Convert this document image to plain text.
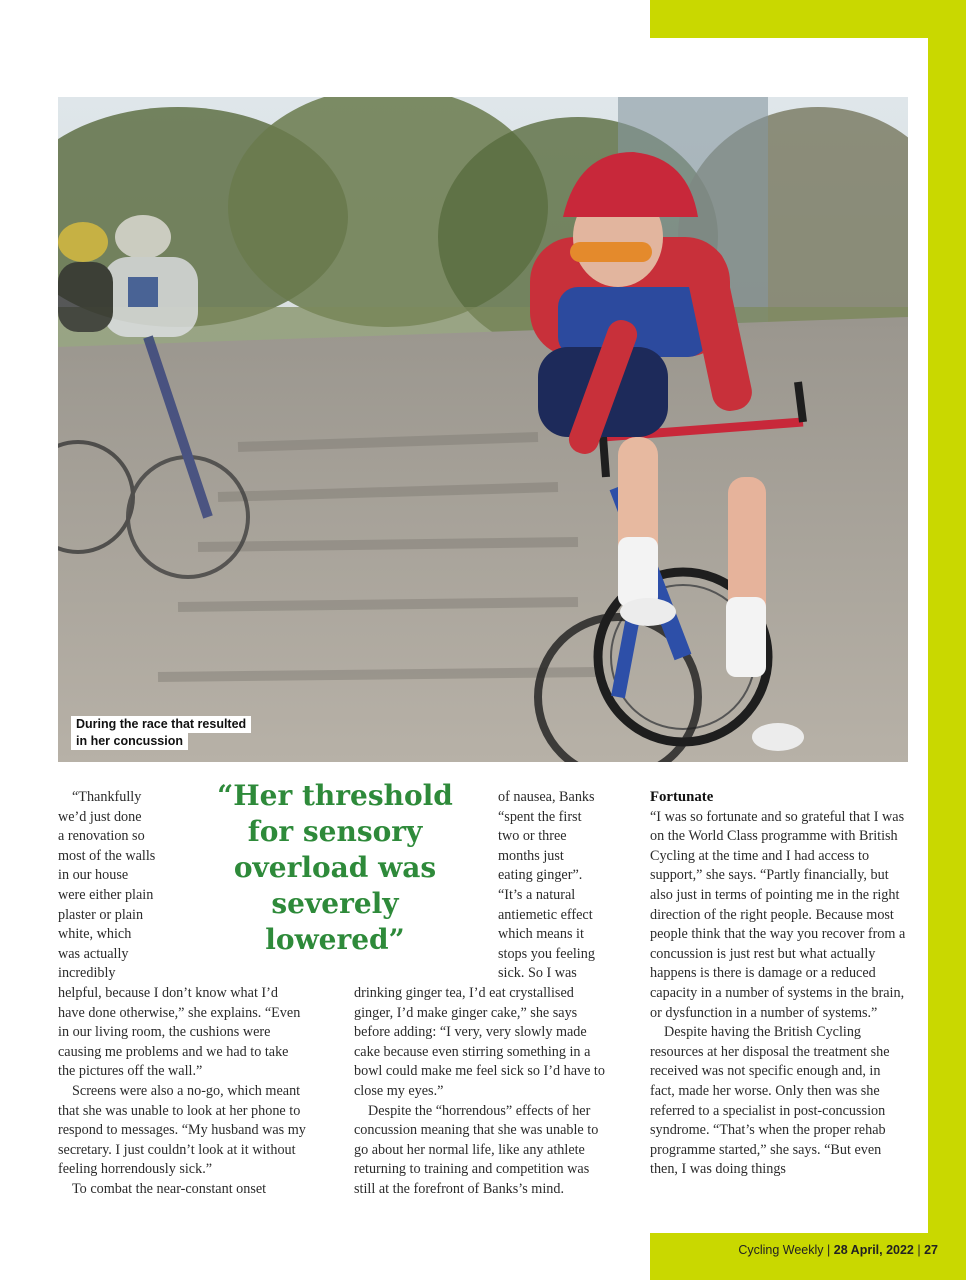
During the race that resulted
in her concussion
“Thankfully
we’d just done
a renovation so
most of the walls
in our house
were either plain
plaster or plain
white, which
was actually
incredibly

helpful, because I don’t know what I’d have done otherwise,” she explains. “Even in our living room, the cushions were causing me problems and we had to take the pictures off the wall.”

Screens were also a no-go, which meant that she was unable to look at her phone to respond to messages. “My husband was my secretary. I just couldn’t look at it without feeling horrendously sick.”

To combat the near-constant onset

“Her threshold
for sensory
overload was
severely
lowered”
of nausea, Banks
“spent the first
two or three
months just
eating ginger”.
“It’s a natural
antiemetic effect
which means it
stops you feeling
sick. So I was

drinking ginger tea, I’d eat crystallised ginger, I’d make ginger cake,” she says before adding: “I very, very slowly made cake because even stirring something in a bowl could make me feel sick so I’d have to close my eyes.”

Despite the “horrendous” effects of her concussion meaning that she was unable to go about her normal life, like any athlete returning to training and competition was still at the forefront of Banks’s mind.

Fortunate

“I was so fortunate and so grateful that I was on the World Class programme with British Cycling at the time and I had access to support,” she says. “Partly financially, but also just in terms of pointing me in the right direction of the right people. Because most people think that the way you recover from a concussion is just rest but what actually happens is there is damage or a reduced capacity in a number of systems in the brain, or dysfunction in a number of systems.”

Despite having the British Cycling resources at her disposal the treatment she received was not specific enough and, in fact, made her worse. Only then was she referred to a specialist in post-concussion syndrome. “That’s when the proper rehab programme started,” she says. “But even then, I was doing things

Cycling Weekly | 28 April, 2022 | 27
